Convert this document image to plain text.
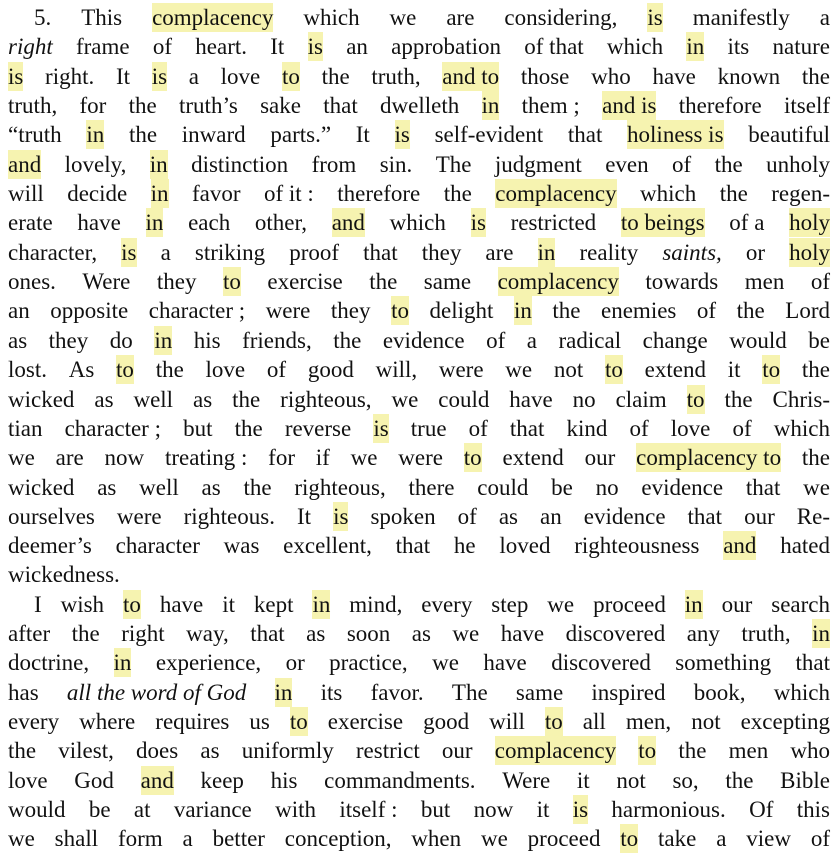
5. This complacency which we are considering, is manifestly a
right frame of heart. It is an approbation of that which in its nature
is right. It is a love to the truth, and to those who have known the
truth, for the truth’s sake that dwelleth in them ; and is therefore itself
“truth in the inward parts.” It is self-evident that holiness is beautiful
and lovely, in distinction from sin. The judgment even of the unholy
will decide in favor of it : therefore the complacency which the regen-
erate have in each other, and which is restricted to beings of a holy
character, is a striking proof that they are in reality saints, or holy
ones. Were they to exercise the same complacency towards men of
an opposite character ; were they to delight in the enemies of the Lord
as they do in his friends, the evidence of a radical change would be
lost. As to the love of good will, were we not to extend it to the
wicked as well as the righteous, we could have no claim to the Chris-
tian character ; but the reverse is true of that kind of love of which
we are now treating : for if we were to extend our complacency to the
wicked as well as the righteous, there could be no evidence that we
ourselves were righteous. It is spoken of as an evidence that our Re-
deemer’s character was excellent, that he loved righteousness and hated
wickedness.
I wish to have it kept in mind, every step we proceed in our search
after the right way, that as soon as we have discovered any truth, in
doctrine, in experience, or practice, we have discovered something that
has all the word of God in its favor. The same inspired book, which
every where requires us to exercise good will to all men, not excepting
the vilest, does as uniformly restrict our complacency to the men who
love God and keep his commandments. Were it not so, the Bible
would be at variance with itself : but now it is harmonious. Of this
we shall form a better conception, when we proceed to take a view of
